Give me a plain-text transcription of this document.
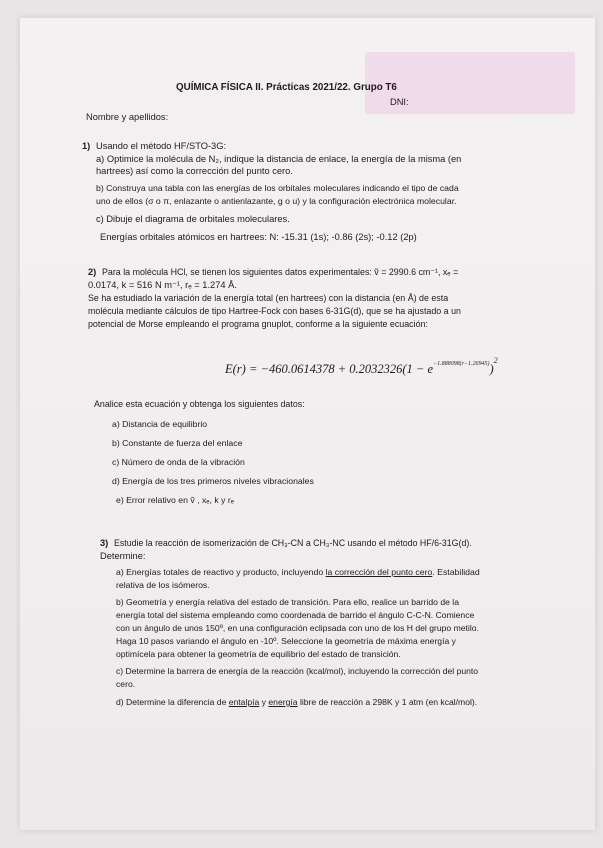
QUÍMICA FÍSICA II. Prácticas 2021/22. Grupo T6
Nombre y apellidos:
DNI:
1) Usando el método HF/STO-3G:
a) Optimice la molécula de N₂, indique la distancia de enlace, la energía de la misma (en
hartrees) así como la corrección del punto cero.
b) Construya una tabla con las energías de los orbitales moleculares indicando el tipo de cada
uno de ellos (σ o π, enlazante o antienlazante, g o u) y la configuración electrónica molecular.
c) Dibuje el diagrama de orbitales moleculares.
Energías orbitales atómicos en hartrees: N: -15.31 (1s); -0.86 (2s); -0.12 (2p)
2) Para la molécula HCl, se tienen los siguientes datos experimentales: ṽ = 2990.6 cm⁻¹, xₑ =
0.0174, k = 516 N m⁻¹, rₑ = 1.274 Å.
Se ha estudiado la variación de la energía total (en hartrees) con la distancia (en Å) de esta
molécula mediante cálculos de tipo Hartree-Fock con bases 6-31G(d), que se ha ajustado a un
potencial de Morse empleando el programa gnuplot, conforme a la siguiente ecuación:
$E(r) = -460.0614378 + 0.2032326(1 - e^{-1.888098(r-1.26945)})^2$
Analice esta ecuación y obtenga los siguientes datos:
a) Distancia de equilibrio
b) Constante de fuerza del enlace
c) Número de onda de la vibración
d) Energía de los tres primeros niveles vibracionales
e) Error relativo en ṽ , xₑ, k y rₑ
3) Estudie la reacción de isomerización de CH₃-CN a CH₃-NC usando el método HF/6-31G(d).
Determine:
a) Energías totales de reactivo y producto, incluyendo la corrección del punto cero. Estabilidad
relativa de los isómeros.
b) Geometría y energía relativa del estado de transición. Para ello, realice un barrido de la
energía total del sistema empleando como coordenada de barrido el ángulo C-C-N. Comience
con un ángulo de unos 150º, en una configuración eclipsada con uno de los H del grupo metilo.
Haga 10 pasos variando el ángulo en -10º. Seleccione la geometría de máxima energía y
optimícela para obtener la geometría de equilibrio del estado de transición.
c) Determine la barrera de energía de la reacción (kcal/mol), incluyendo la corrección del punto
cero.
d) Determine la diferencia de entalpía y energía libre de reacción a 298K y 1 atm (en kcal/mol).
